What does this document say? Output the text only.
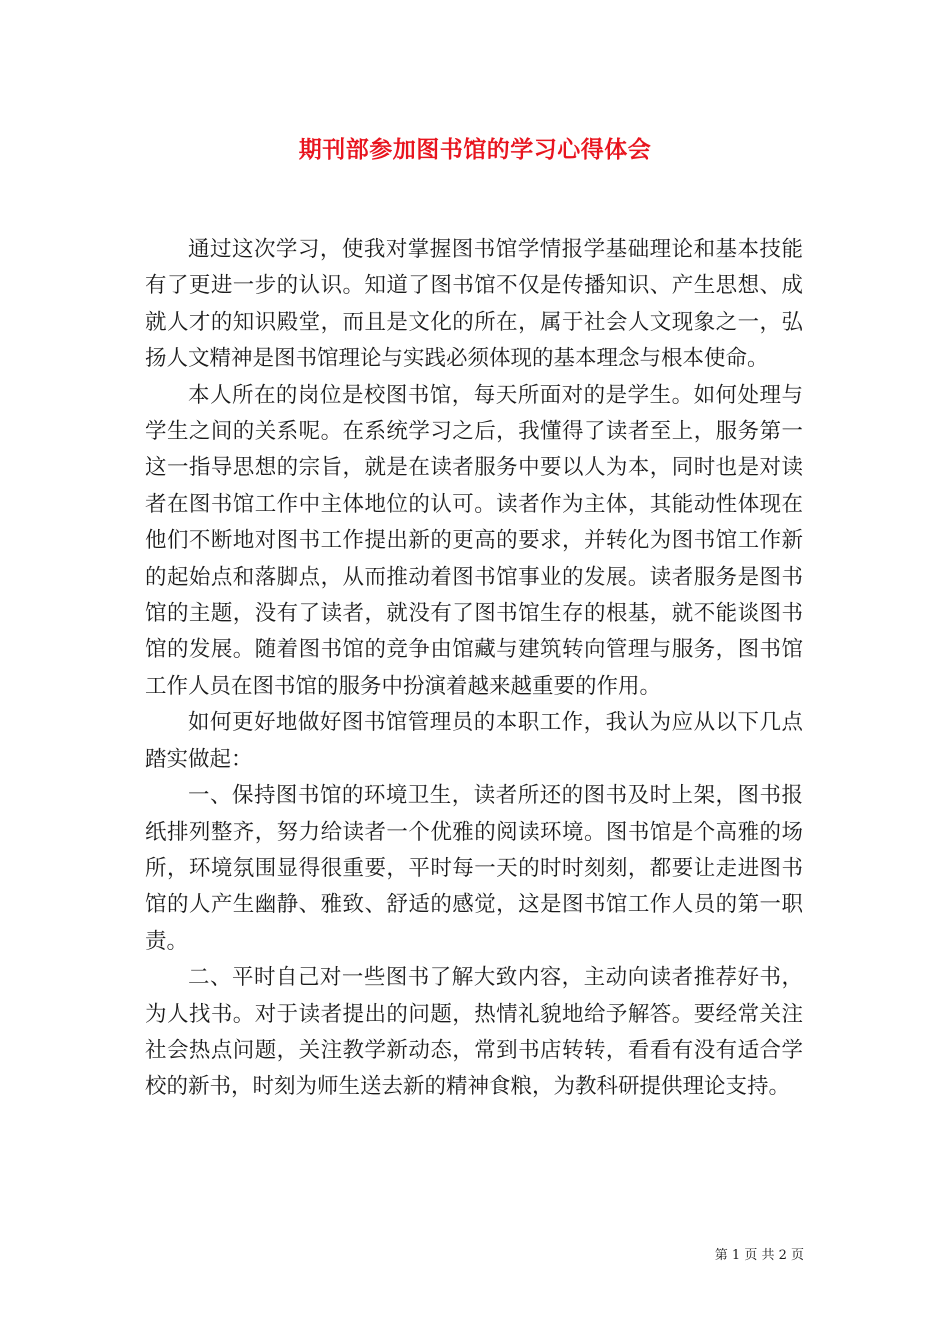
期刊部参加图书馆的学习心得体会

通过这次学习，使我对掌握图书馆学情报学基础理论和基本技能有了更进一步的认识。知道了图书馆不仅是传播知识、产生思想、成就人才的知识殿堂，而且是文化的所在，属于社会人文现象之一，弘扬人文精神是图书馆理论与实践必须体现的基本理念与根本使命。

本人所在的岗位是校图书馆，每天所面对的是学生。如何处理与学生之间的关系呢。在系统学习之后，我懂得了读者至上，服务第一这一指导思想的宗旨，就是在读者服务中要以人为本，同时也是对读者在图书馆工作中主体地位的认可。读者作为主体，其能动性体现在他们不断地对图书工作提出新的更高的要求，并转化为图书馆工作新的起始点和落脚点，从而推动着图书馆事业的发展。读者服务是图书馆的主题，没有了读者，就没有了图书馆生存的根基，就不能谈图书馆的发展。随着图书馆的竞争由馆藏与建筑转向管理与服务，图书馆工作人员在图书馆的服务中扮演着越来越重要的作用。

如何更好地做好图书馆管理员的本职工作，我认为应从以下几点踏实做起：

一、保持图书馆的环境卫生，读者所还的图书及时上架，图书报纸排列整齐，努力给读者一个优雅的阅读环境。图书馆是个高雅的场所，环境氛围显得很重要，平时每一天的时时刻刻，都要让走进图书馆的人产生幽静、雅致、舒适的感觉，这是图书馆工作人员的第一职责。

二、平时自己对一些图书了解大致内容，主动向读者推荐好书，为人找书。对于读者提出的问题，热情礼貌地给予解答。要经常关注社会热点问题，关注教学新动态，常到书店转转，看看有没有适合学校的新书，时刻为师生送去新的精神食粮，为教科研提供理论支持。

第 1 页 共 2 页
